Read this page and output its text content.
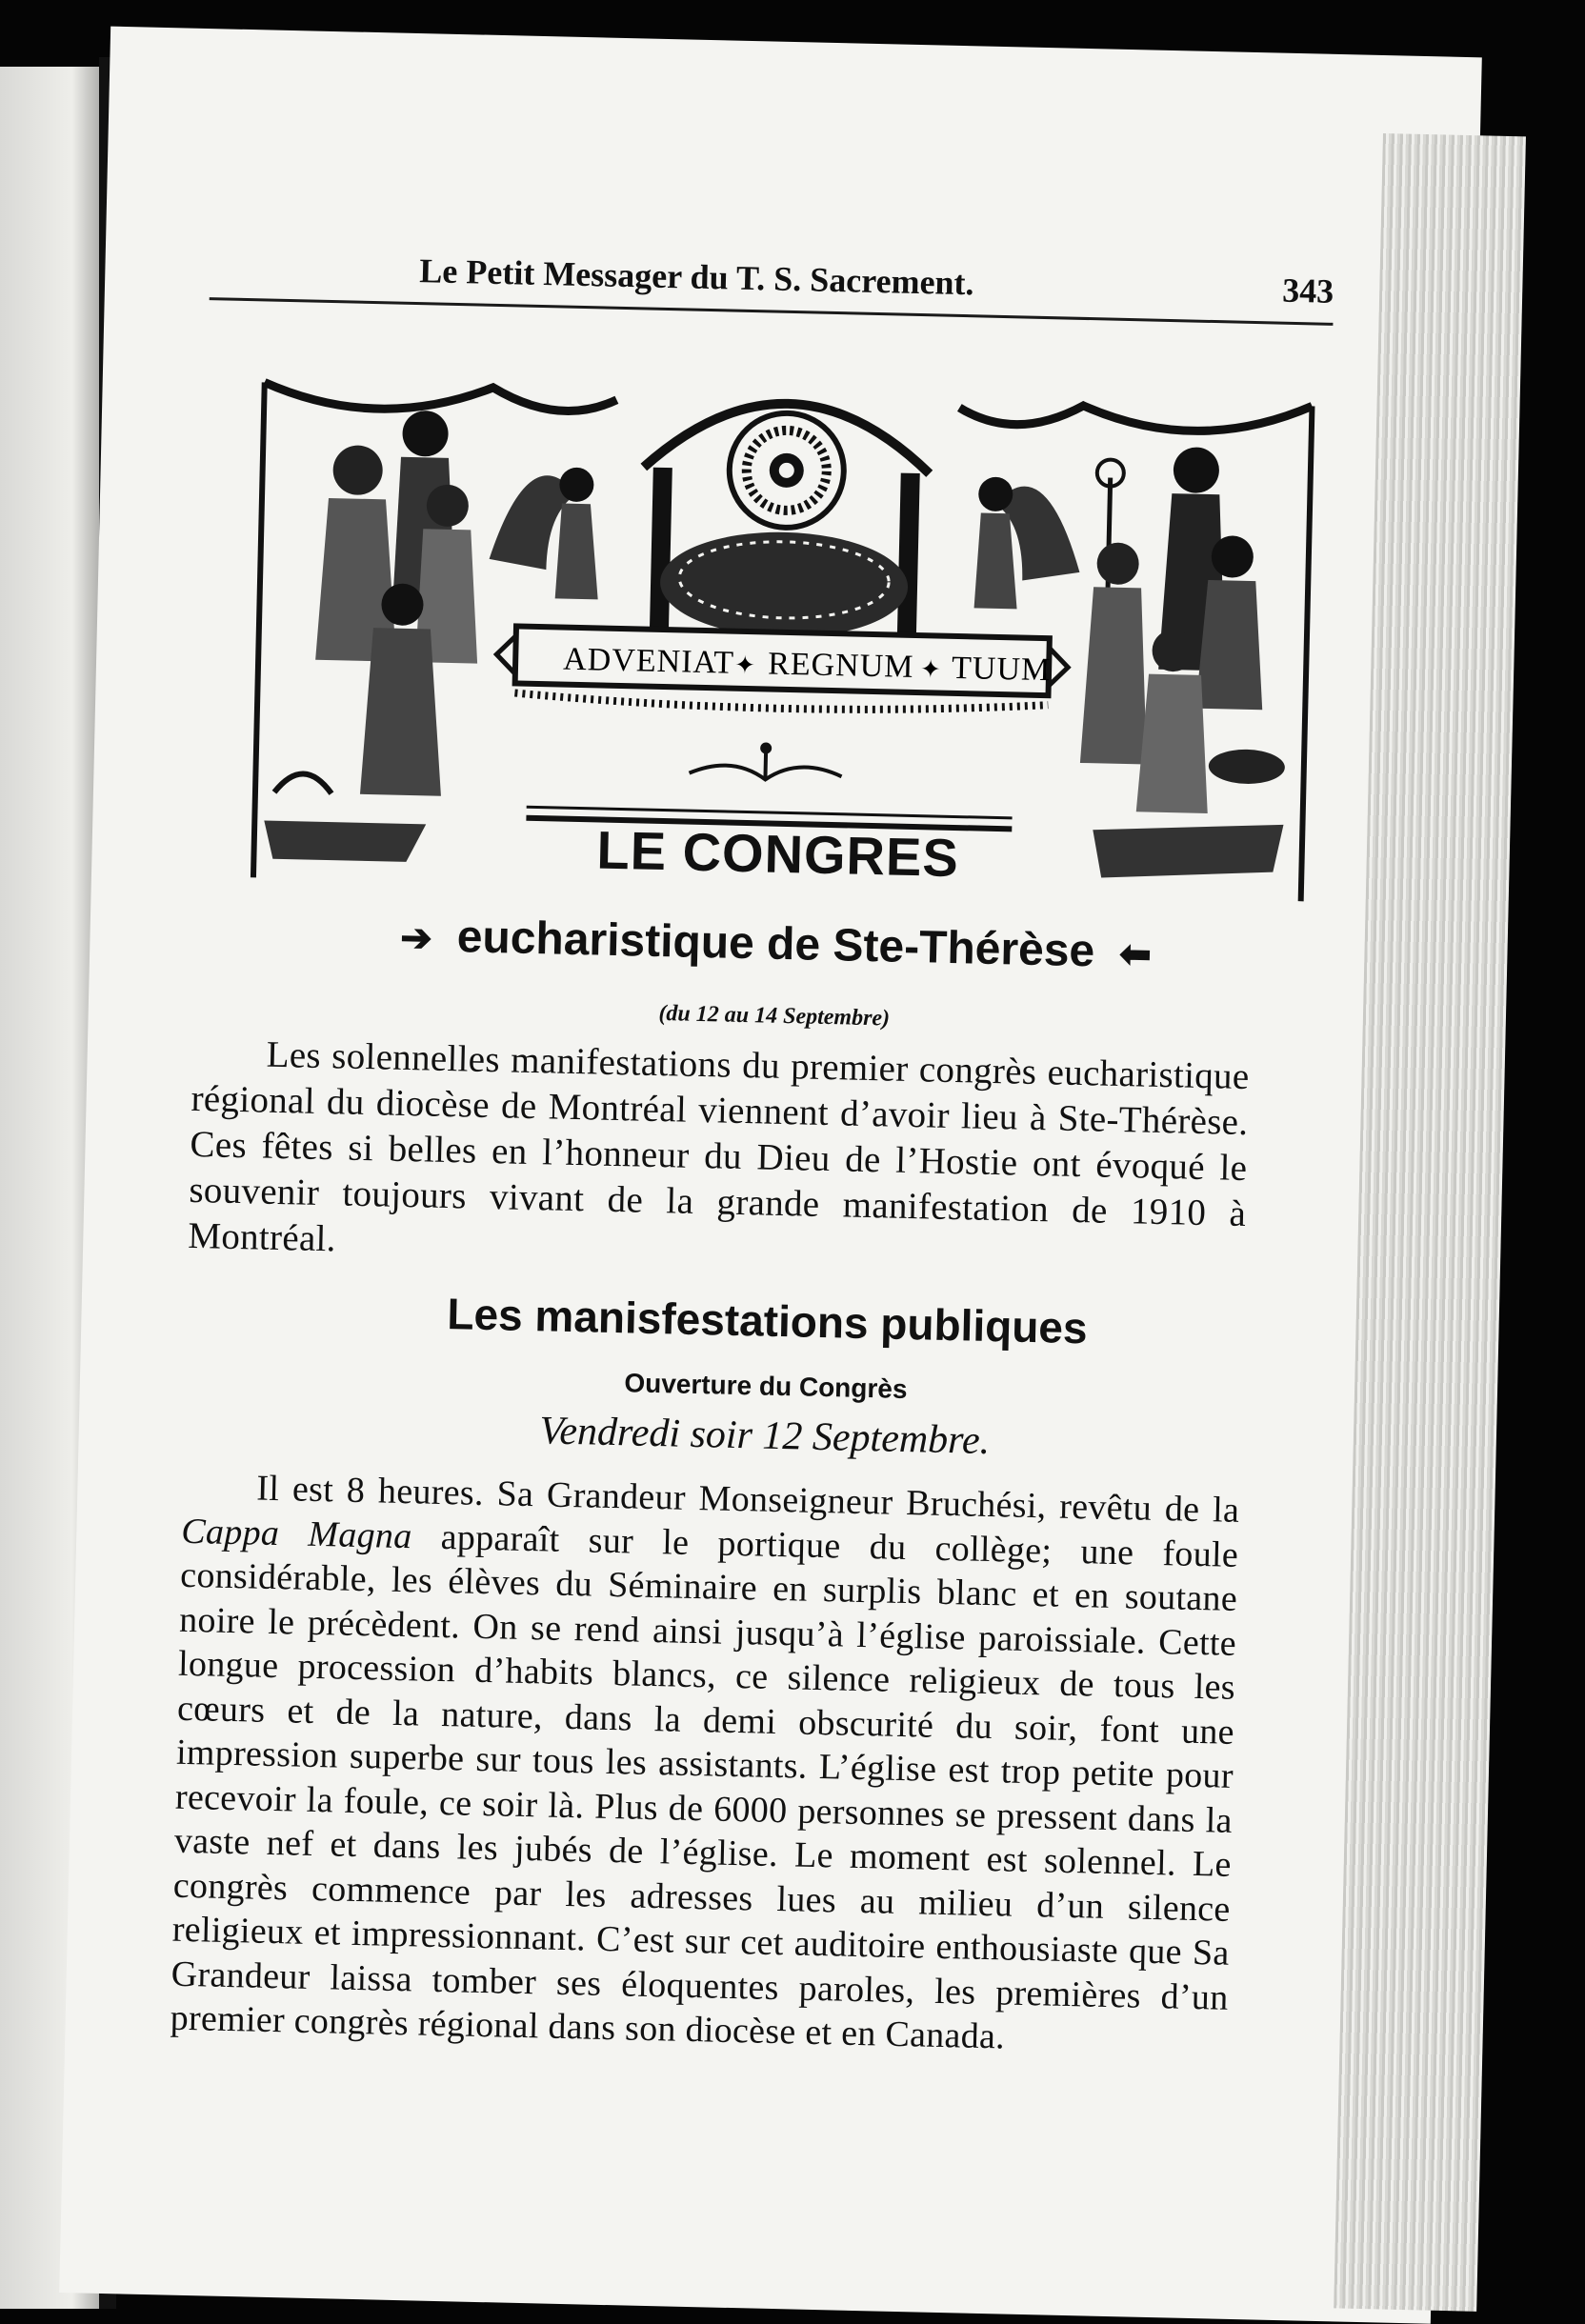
Le Petit Messager du T. S. Sacrement.	343
ADVENIAT ✦ REGNUM ✦ TUUM
LE CONGRES
➔ eucharistique de Ste-Thérèse ⬅
(du 12 au 14 Septembre)

Les solennelles manifestations du premier congrès eucharistique régional du diocèse de Montréal viennent d’avoir lieu à Ste-Thérèse. Ces fêtes si belles en l’honneur du Dieu de l’Hostie ont évoqué le souvenir toujours vivant de la grande manifestation de 1910 à Montréal.

Les manisfestations publiques
Ouverture du Congrès
Vendredi soir 12 Septembre.

Il est 8 heures. Sa Grandeur Monseigneur Bruchési, revêtu de la Cappa Magna apparaît sur le portique du collège; une foule considérable, les élèves du Séminaire en surplis blanc et en soutane noire le précèdent. On se rend ainsi jusqu’à l’église paroissiale. Cette longue procession d’habits blancs, ce silence religieux de tous les cœurs et de la nature, dans la demi obscurité du soir, font une impression superbe sur tous les assistants. L’église est trop petite pour recevoir la foule, ce soir là. Plus de 6000 personnes se pressent dans la vaste nef et dans les jubés de l’église. Le moment est solennel. Le congrès commence par les adresses lues au milieu d’un silence religieux et impressionnant. C’est sur cet auditoire enthousiaste que Sa Grandeur laissa tomber ses éloquentes paroles, les premières d’un premier congrès régional dans son diocèse et en Canada.
